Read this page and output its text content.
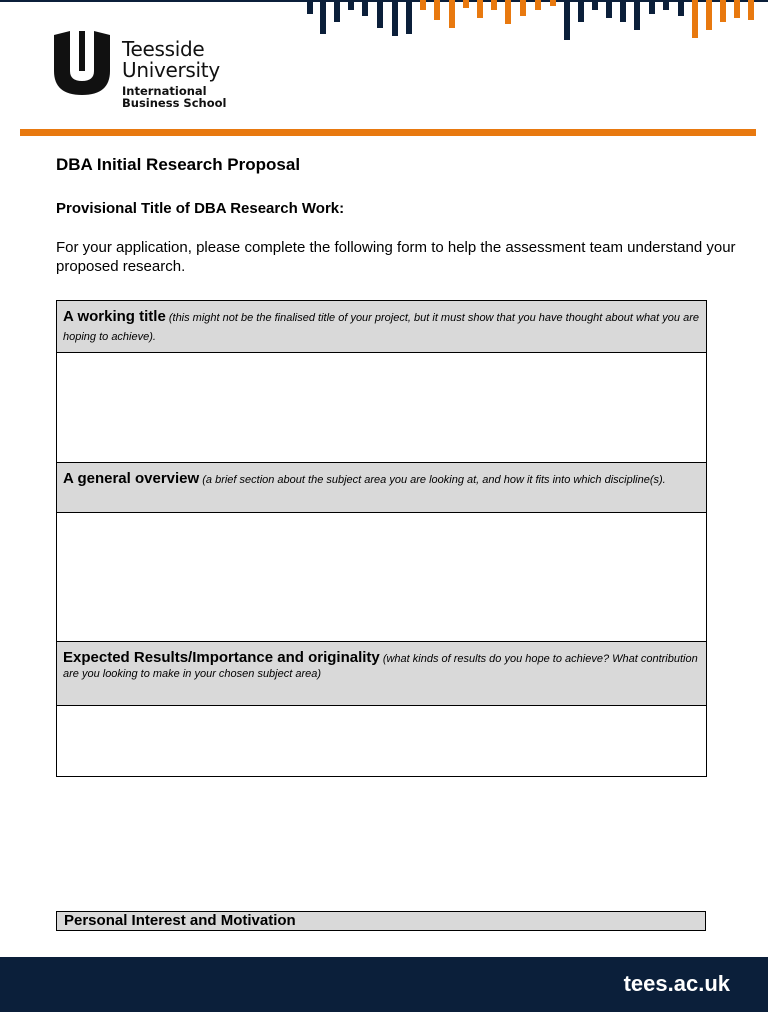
Teesside
University
International
Business School
DBA Initial Research Proposal
Provisional Title of DBA Research Work:
For your application, please complete the following form to help the assessment team understand your proposed research.
A working title (this might not be the finalised title of your project, but it must show that you have thought about what you are hoping to achieve).
A general overview (a brief section about the subject area you are looking at, and how it fits into which discipline(s).
Expected Results/Importance and originality (what kinds of results do you hope to achieve? What contribution are you looking to make in your chosen subject area)
Personal Interest and Motivation
tees.ac.uk
